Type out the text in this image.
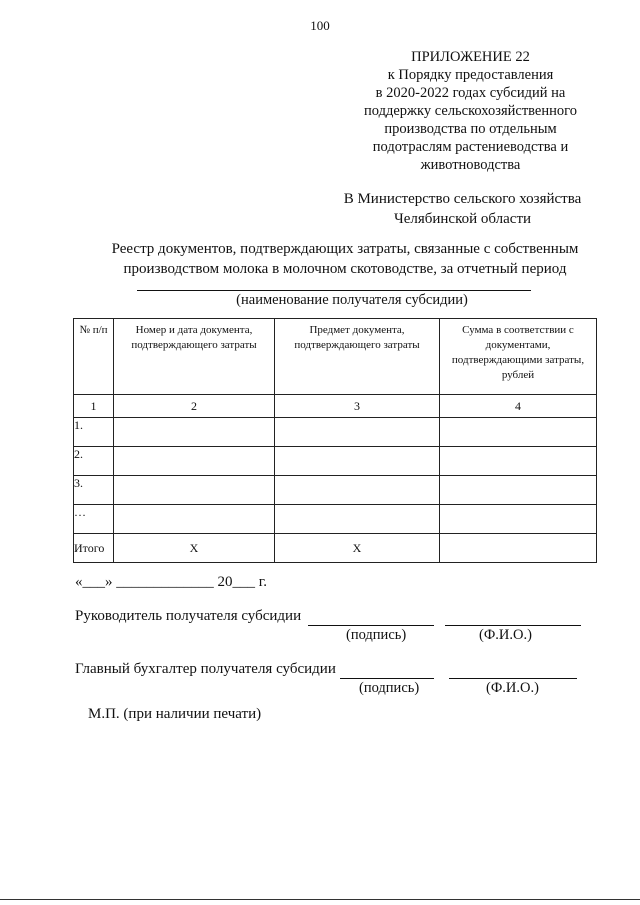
100
ПРИЛОЖЕНИЕ 22
к Порядку предоставления
в 2020-2022 годах субсидий на
поддержку сельскохозяйственного
производства по отдельным
подотраслям растениеводства и
животноводства
В Министерство сельского хозяйства
Челябинской области
Реестр документов, подтверждающих затраты, связанные с собственным
производством молока в молочном скотоводстве, за отчетный период
(наименование получателя субсидии)
№ п/п	Номер и дата документа, подтверждающего затраты	Предмет документа, подтверждающего затраты	Сумма в соответствии с документами, подтверждающими затраты, рублей
1	2	3	4
1.			
2.			
3.			
…			
Итого	Х	Х	
«___» _____________ 20___ г.
Руководитель получателя субсидии
(подпись)	(Ф.И.О.)
Главный бухгалтер получателя субсидии
(подпись)	(Ф.И.О.)
М.П. (при наличии печати)
